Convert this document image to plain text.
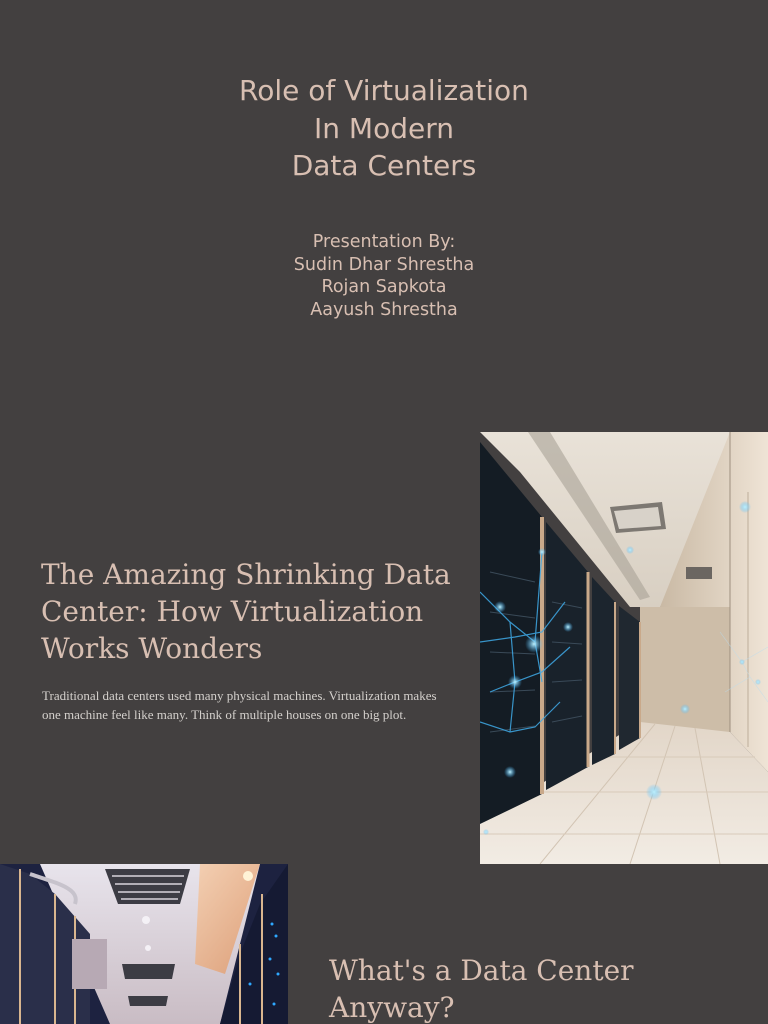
Role of Virtualization
In Modern
Data Centers
Presentation By:
Sudin Dhar Shrestha
Rojan Sapkota
Aayush Shrestha
The Amazing Shrinking Data Center: How Virtualization Works Wonders

Traditional data centers used many physical machines. Virtualization makes one machine feel like many. Think of multiple houses on one big plot.

What's a Data Center Anyway?
